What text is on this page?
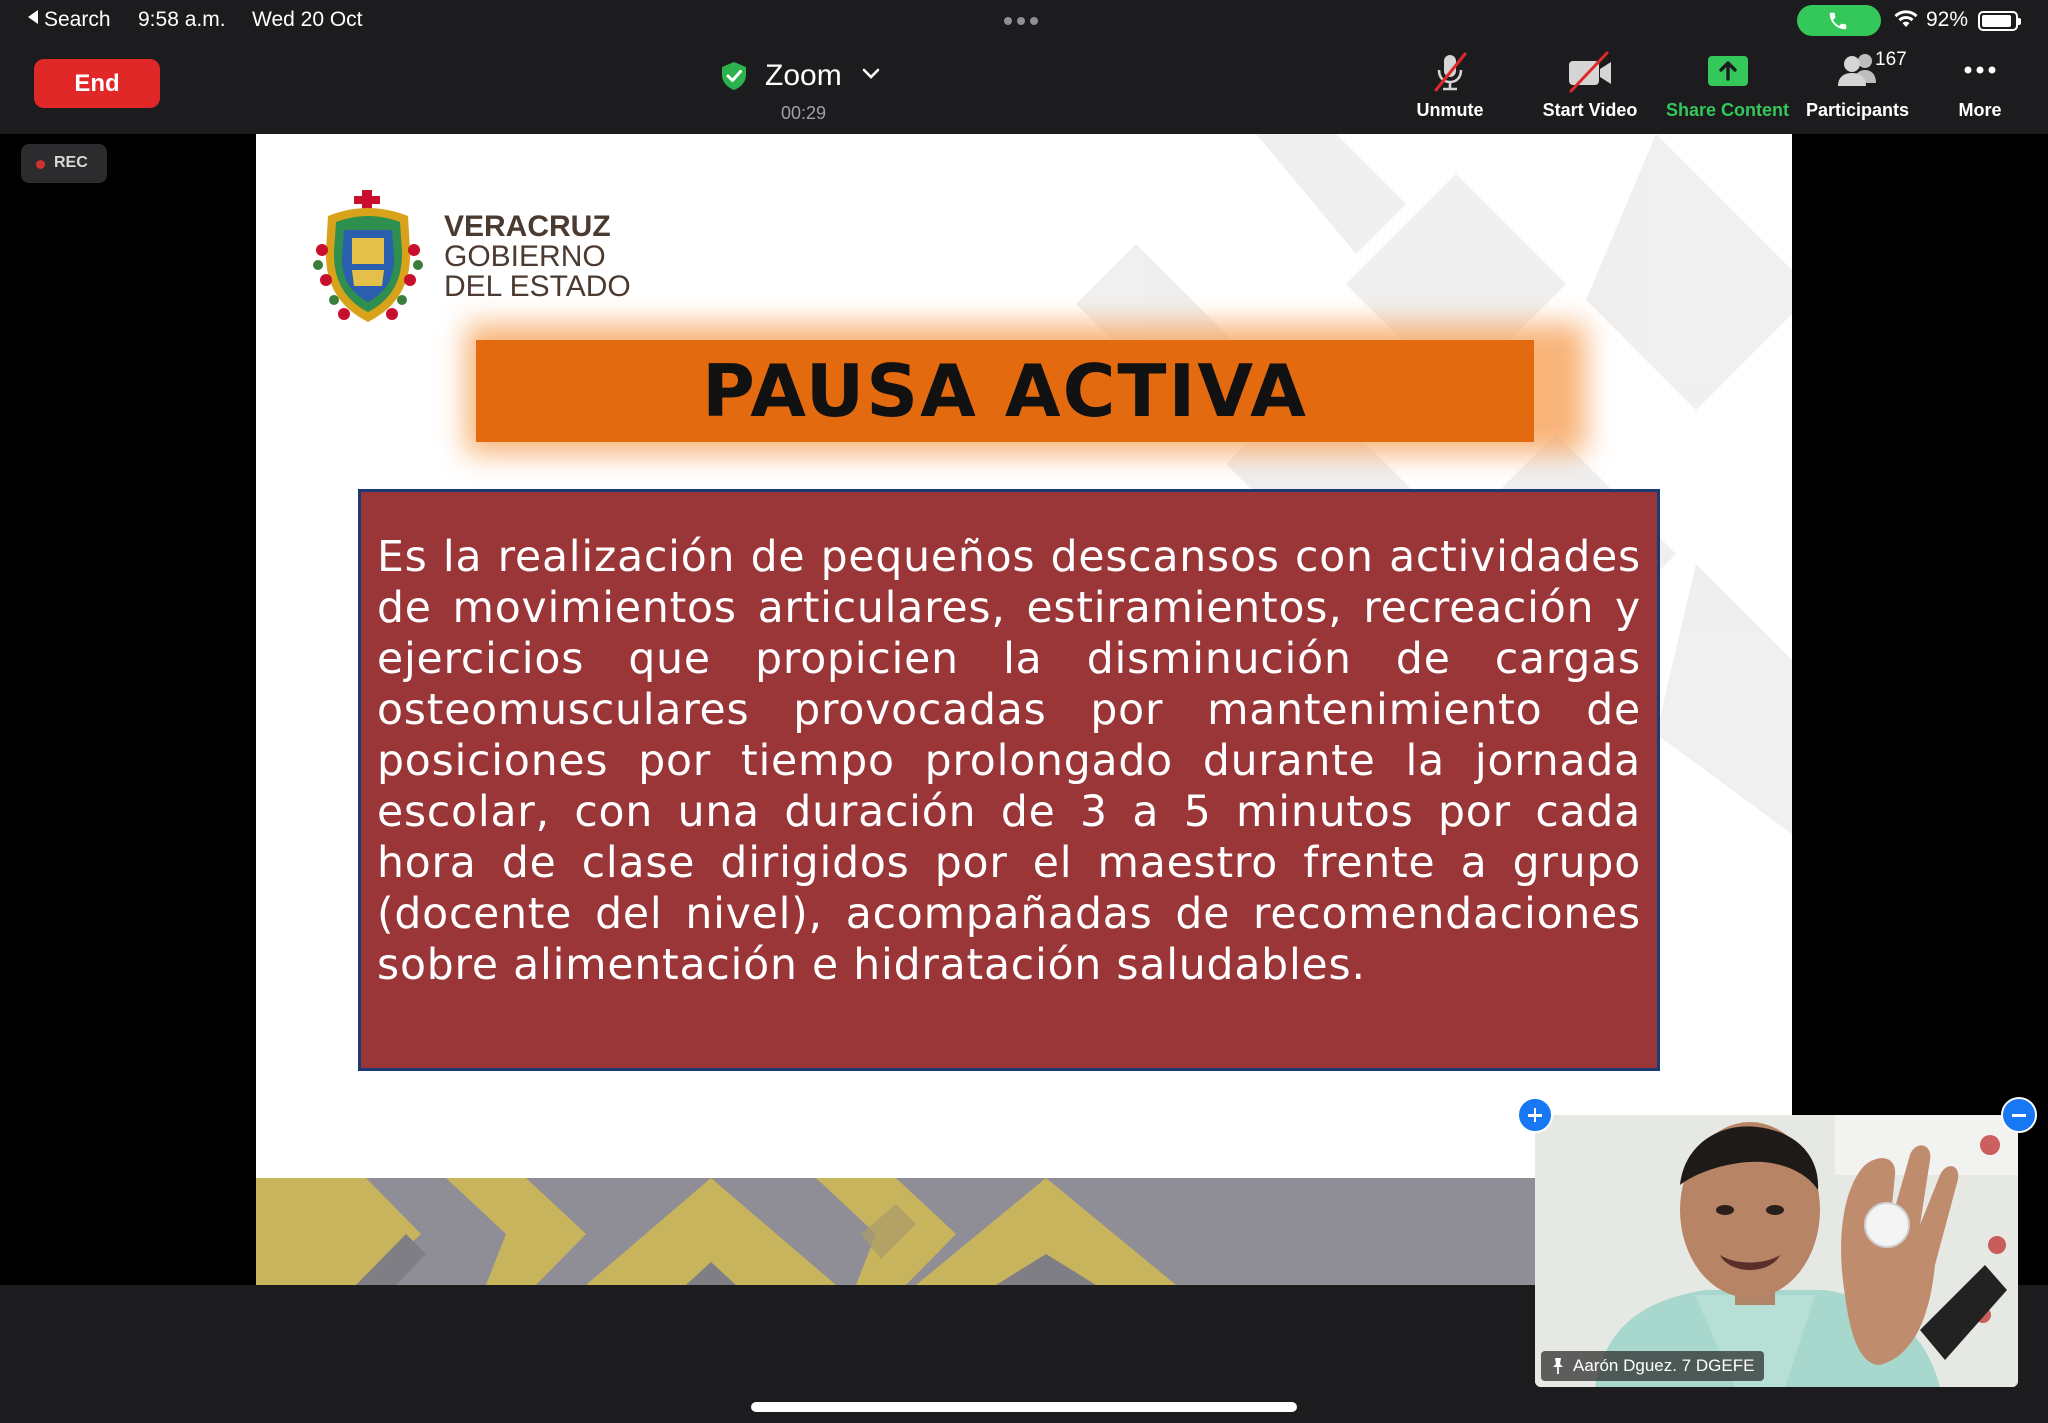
Search 9:58 a.m. Wed 20 Oct	92%
End	Zoom
00:29	Unmute	Start Video	Share Content Participants
167
More
REC
VERACRUZ
GOBIERNO
DEL ESTADO
PAUSA ACTIVA

Es la realización de pequeños descansos con actividades de movimientos articulares, estiramientos, recreación y ejercicios que propicien la disminución de cargas osteomusculares provocadas por mantenimiento de posiciones por tiempo prolongado durante la jornada escolar, con una duración de 3 a 5 minutos por cada hora de clase dirigidos por el maestro frente a grupo (docente del nivel), acompañadas de recomendaciones sobre alimentación e hidratación saludables.

Aarón Dguez. 7 DGEFE
